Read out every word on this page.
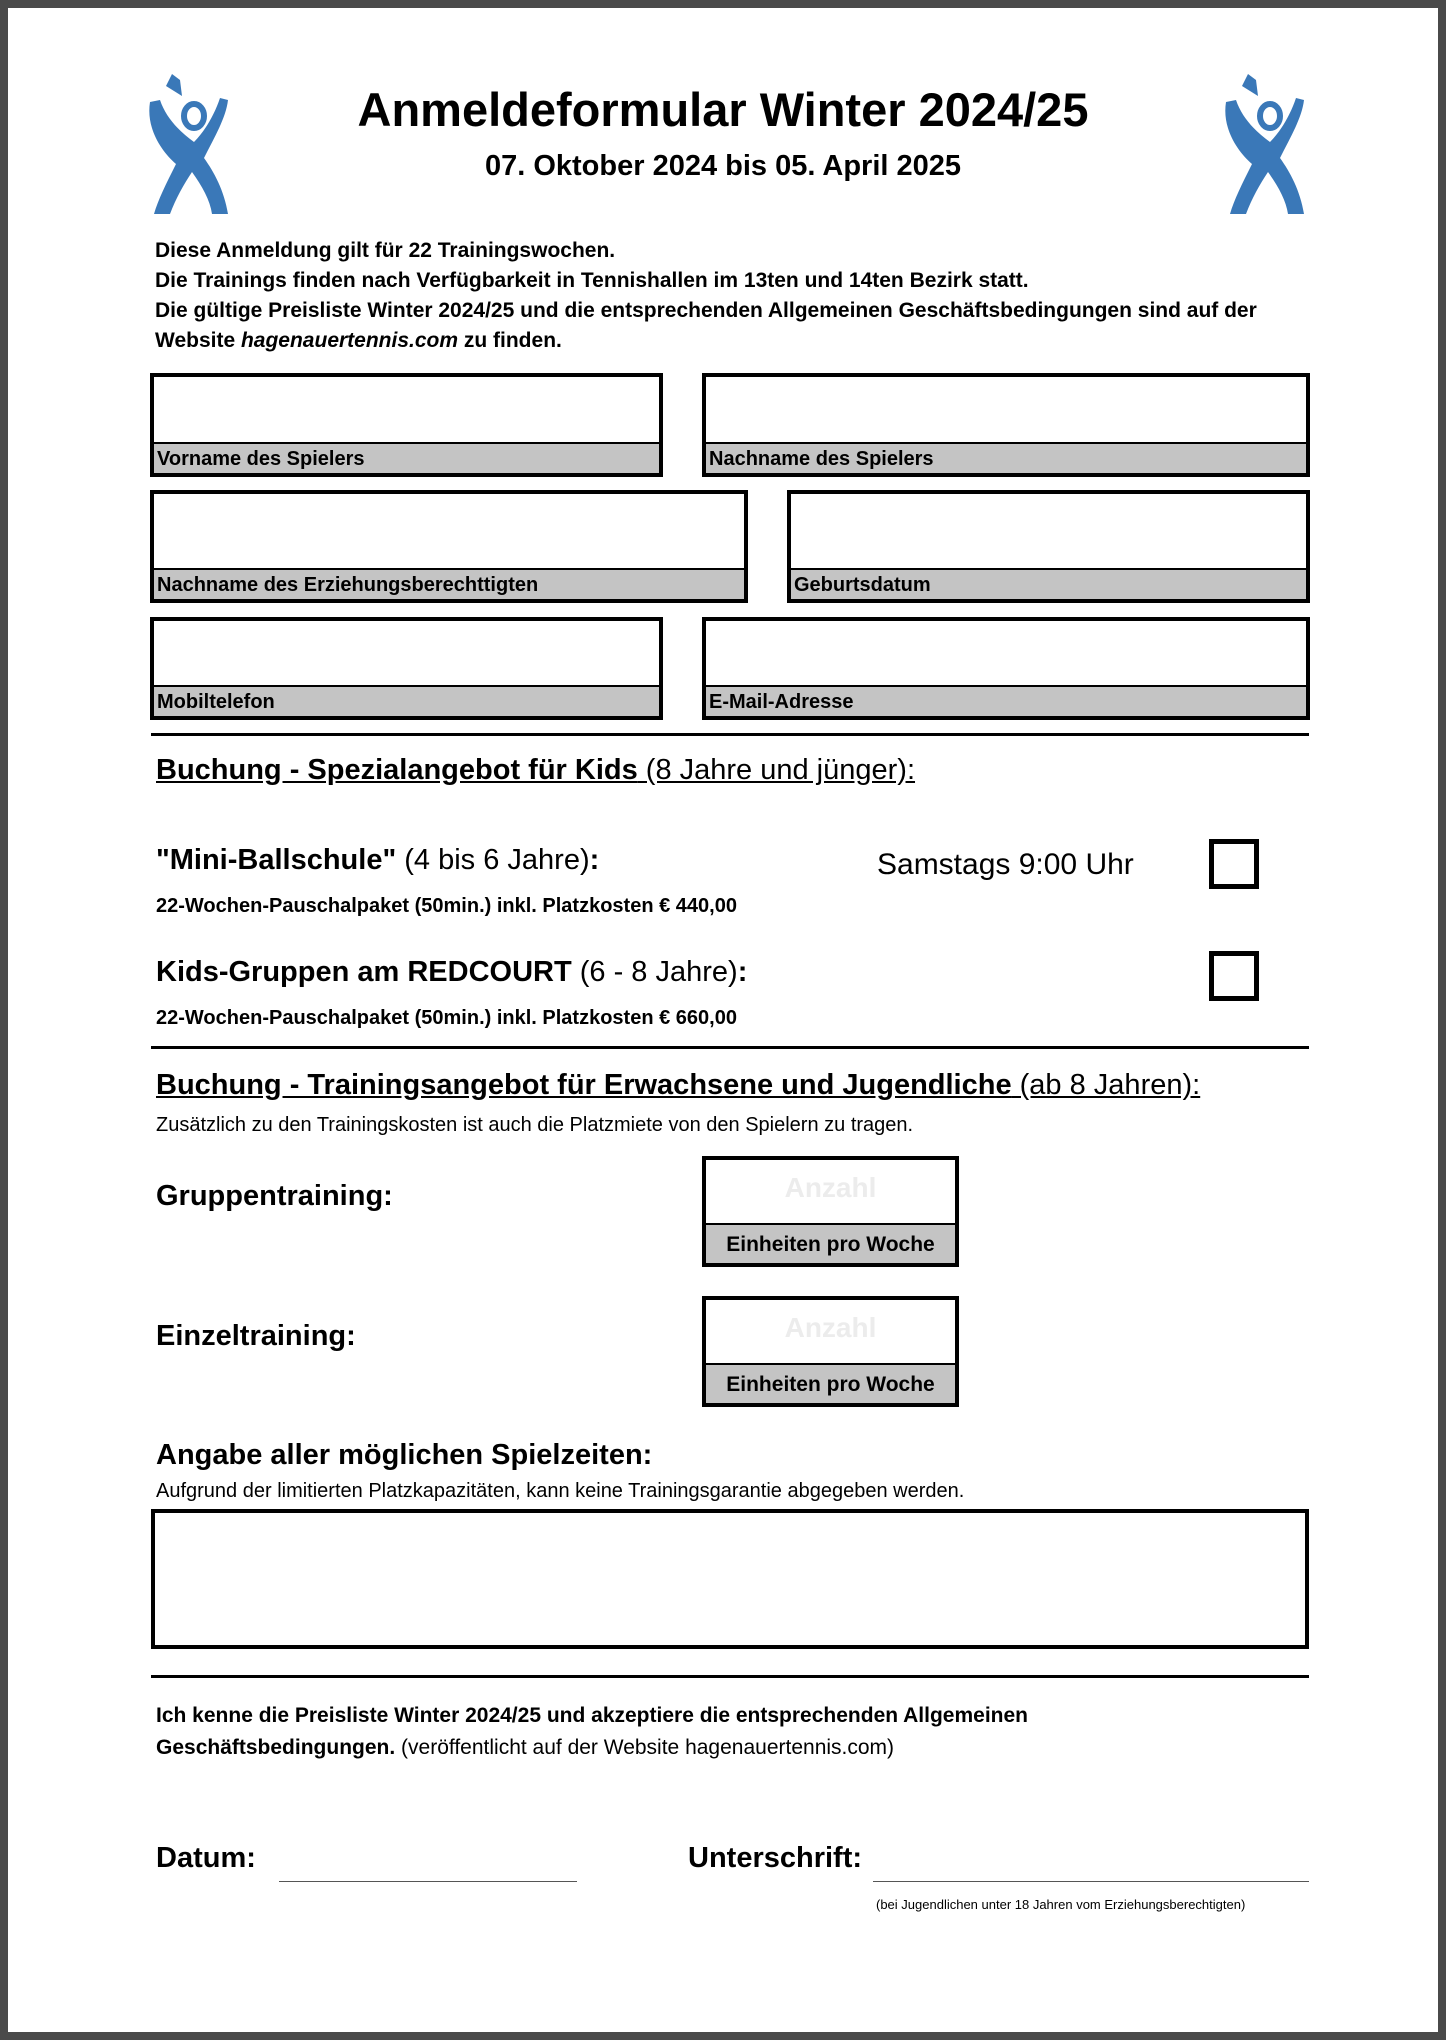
Anmeldeformular Winter 2024/25
07. Oktober 2024 bis 05. April 2025
Diese Anmeldung gilt für 22 Trainingswochen.
Die Trainings finden nach Verfügbarkeit in Tennishallen im 13ten und 14ten Bezirk statt.
Die gültige Preisliste Winter 2024/25 und die entsprechenden Allgemeinen Geschäftsbedingungen sind auf der
Website hagenauertennis.com zu finden.
Vorname des Spielers	Nachname des Spielers
Nachname des Erziehungsberechttigten	Geburtsdatum
Mobiltelefon	E-Mail-Adresse
Buchung - Spezialangebot für Kids (8 Jahre und jünger):
"Mini-Ballschule" (4 bis 6 Jahre):
22-Wochen-Pauschalpaket (50min.) inkl. Platzkosten € 440,00
Samstags 9:00 Uhr
Kids-Gruppen am REDCOURT (6 - 8 Jahre):
22-Wochen-Pauschalpaket (50min.) inkl. Platzkosten € 660,00
Buchung - Trainingsangebot für Erwachsene und Jugendliche (ab 8 Jahren):
Zusätzlich zu den Trainingskosten ist auch die Platzmiete von den Spielern zu tragen.
Gruppentraining:	Anzahl
Einheiten pro Woche
Einzeltraining:	Anzahl
Einheiten pro Woche
Angabe aller möglichen Spielzeiten:
Aufgrund der limitierten Platzkapazitäten, kann keine Trainingsgarantie abgegeben werden.
Ich kenne die Preisliste Winter 2024/25 und akzeptiere die entsprechenden Allgemeinen
Geschäftsbedingungen. (veröffentlicht auf der Website hagenauertennis.com)
Datum:	Unterschrift:
(bei Jugendlichen unter 18 Jahren vom Erziehungsberechtigten)
